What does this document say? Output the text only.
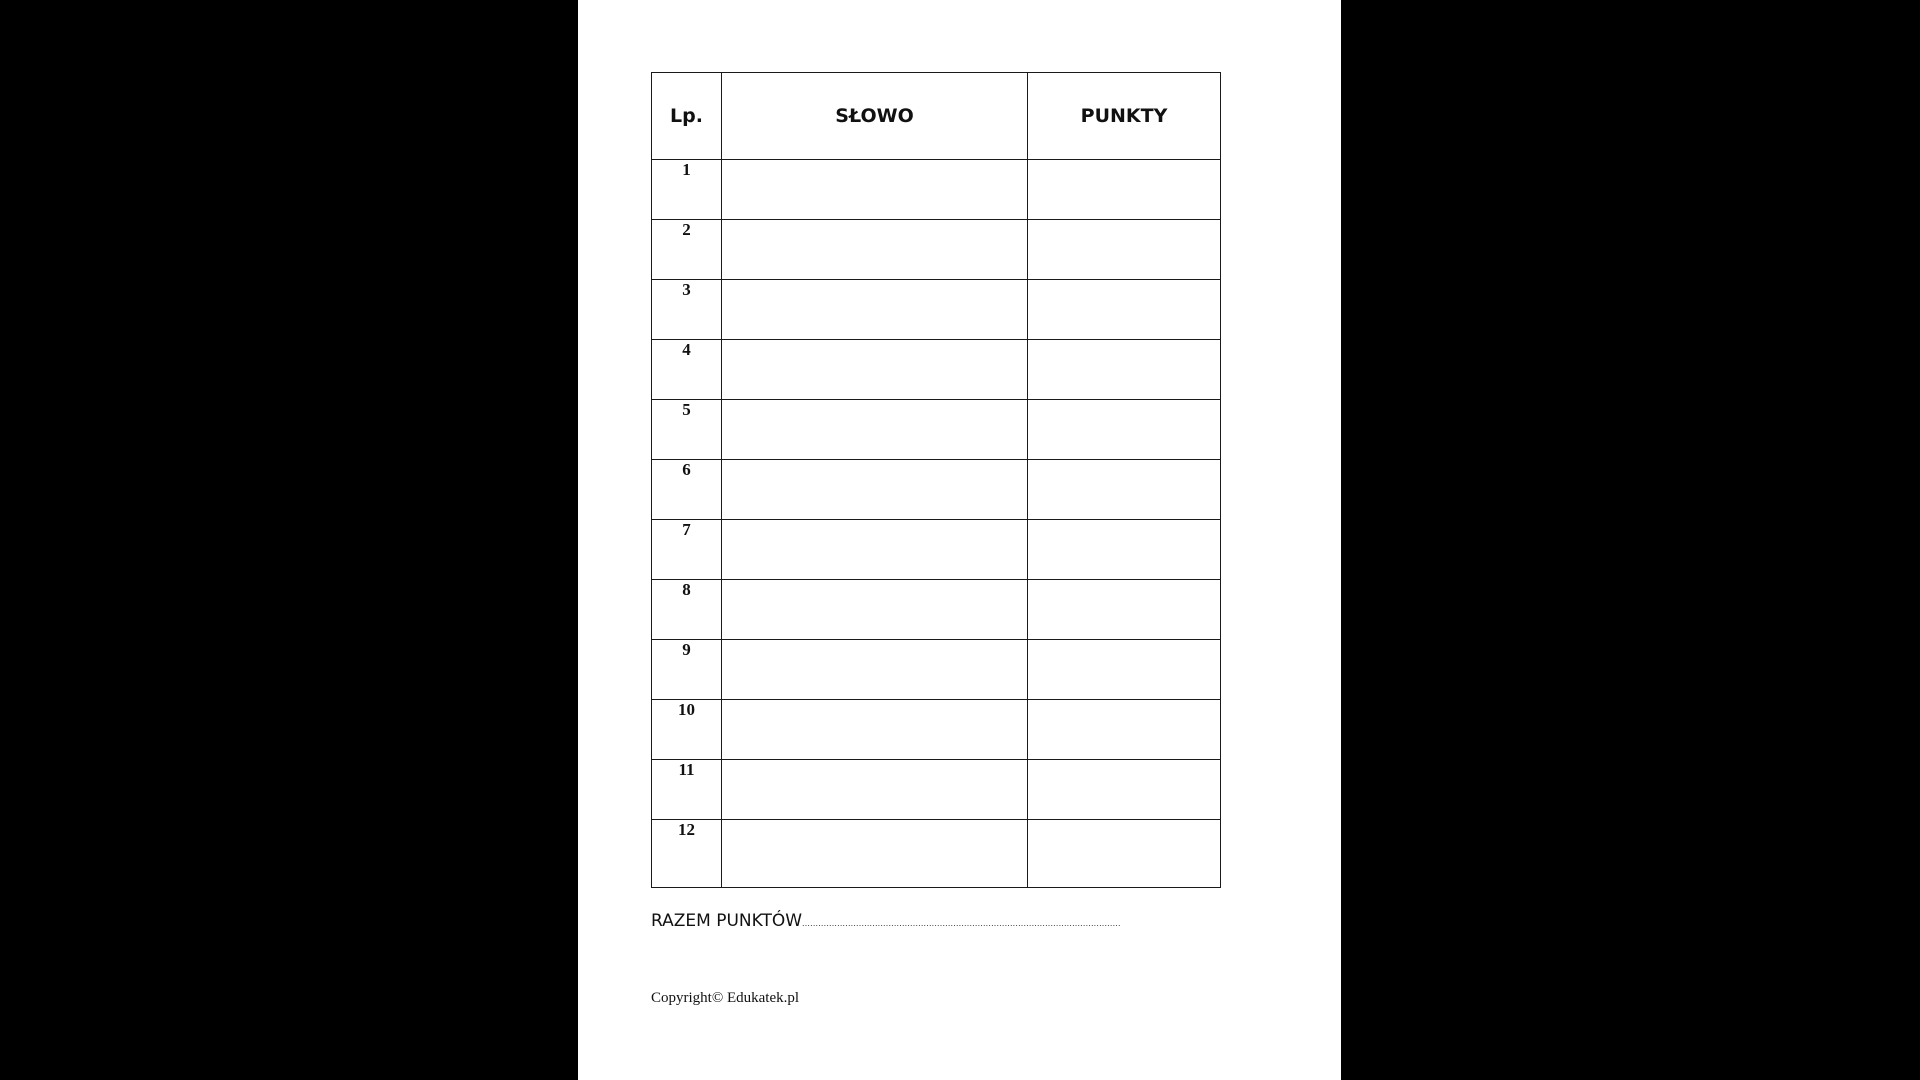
Lp.	SŁOWO	PUNKTY
1		
2		
3		
4		
5		
6		
7		
8		
9		
10		
11		
12		
RAZEM PUNKTÓW......................................................................................................................
Copyright© Edukatek.pl
